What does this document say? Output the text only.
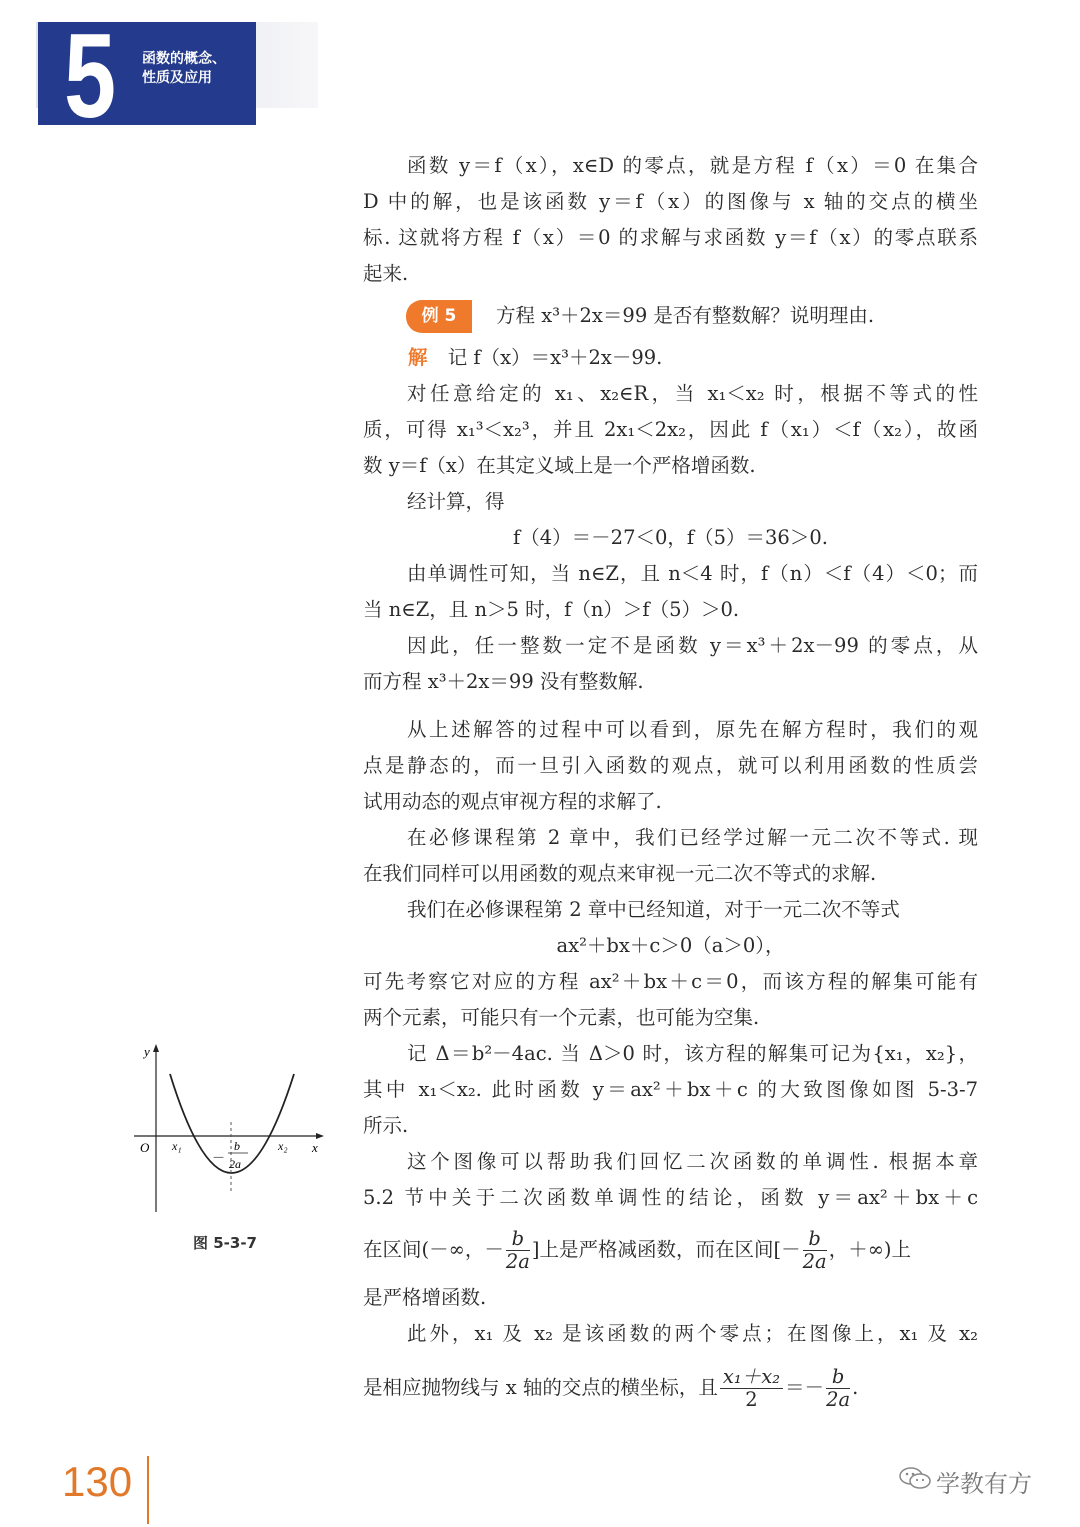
5 函数的概念、
性质及应用
函数 y＝f（x），x∈D 的零点，就是方程 f（x）＝0 在集合
D 中的解，也是该函数 y＝f（x）的图像与 x 轴的交点的横坐
标. 这就将方程 f（x）＝0 的求解与求函数 y＝f（x）的零点联系
起来.
例 5	方程 x³＋2x＝99 是否有整数解？说明理由.
解 记 f（x）＝x³＋2x－99.
对任意给定的 x₁、x₂∈R，当 x₁＜x₂ 时，根据不等式的性
质，可得 x₁³＜x₂³，并且 2x₁＜2x₂，因此 f（x₁）＜f（x₂），故函
数 y＝f（x）在其定义域上是一个严格增函数.
经计算，得
f（4）＝－27＜0，f（5）＝36＞0.
由单调性可知，当 n∈Z，且 n＜4 时，f（n）＜f（4）＜0；而
当 n∈Z，且 n＞5 时，f（n）＞f（5）＞0.
因此，任一整数一定不是函数 y＝x³＋2x－99 的零点，从
而方程 x³＋2x＝99 没有整数解.
从上述解答的过程中可以看到，原先在解方程时，我们的观
点是静态的，而一旦引入函数的观点，就可以利用函数的性质尝
试用动态的观点审视方程的求解了.
在必修课程第 2 章中，我们已经学过解一元二次不等式. 现
在我们同样可以用函数的观点来审视一元二次不等式的求解.
我们在必修课程第 2 章中已经知道，对于一元二次不等式
ax²＋bx＋c＞0（a＞0），
可先考察它对应的方程 ax²＋bx＋c＝0，而该方程的解集可能有
两个元素，可能只有一个元素，也可能为空集.
记 Δ＝b²－4ac. 当 Δ＞0 时，该方程的解集可记为{x₁，x₂}，
其中 x₁＜x₂. 此时函数 y＝ax²＋bx＋c 的大致图像如图 5-3-7
所示.
这个图像可以帮助我们回忆二次函数的单调性. 根据本章
5.2 节中关于二次函数单调性的结论，函数 y＝ax²＋bx＋c
在区间(－∞，－ $\frac{b}{2a}$ ]上是严格减函数，而在区间[－ $\frac{b}{2a}$ ，＋∞)上
是严格增函数.
此外，x₁ 及 x₂ 是该函数的两个零点；在图像上，x₁ 及 x₂
是相应抛物线与 x 轴的交点的横坐标，且 $\frac{\text{x₁＋x₂}}{2} =- \frac{b}{2a}$ .
y
x
O x₁	x₂
－
b
2a
图 5-3-7
130	学教有方
